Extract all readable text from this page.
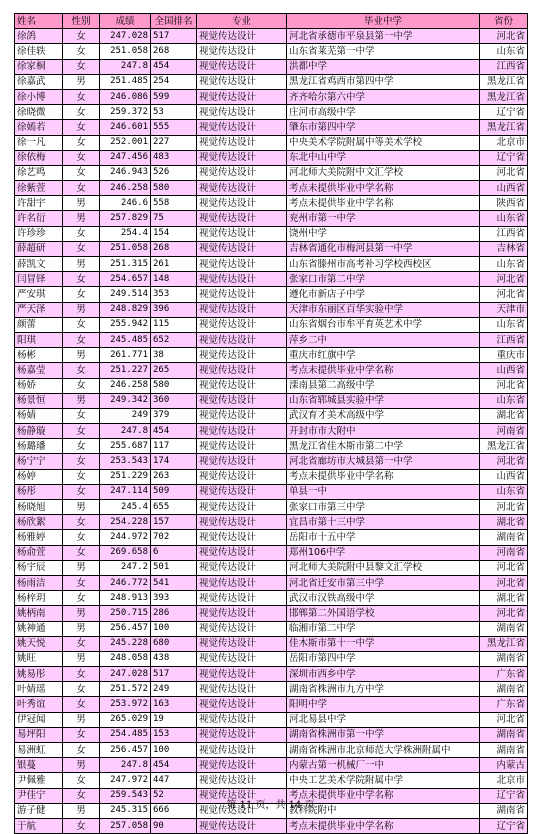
姓名	性别	成绩	全国排名	专业	毕业中学	省份
徐鸽	女	247.028	517	视觉传达设计	河北省承德市平泉县第一中学	河北省
徐佳轶	女	251.058	268	视觉传达设计	山东省莱芜第一中学	山东省
徐家桐	女	247.8	454	视觉传达设计	洪都中学	江西省
徐嘉武	男	251.485	254	视觉传达设计	黑龙江省鸡西市第四中学	黑龙江省
徐小博	女	246.086	599	视觉传达设计	齐齐哈尔第六中学	黑龙江省
徐晓微	女	259.372	53	视觉传达设计	庄河市高级中学	辽宁省
徐嫣若	女	246.601	555	视觉传达设计	肇东市第四中学	黑龙江省
徐一凡	女	252.001	227	视觉传达设计	中央美术学院附属中等美术学校	北京市
徐依梅	女	247.456	483	视觉传达设计	东北中山中学	辽宁省
徐艺鸣	女	246.943	526	视觉传达设计	河北师大美院附中文汇学校	河北省
徐紫萱	女	246.258	580	视觉传达设计	考点未提供毕业中学名称	山西省
许甜宇	男	246.6	558	视觉传达设计	考点未提供毕业中学名称	陕西省
许名衍	男	257.829	75	视觉传达设计	兖州市第一中学	山东省
许珍珍	女	254.4	154	视觉传达设计	饶州中学	江西省
薛超研	女	251.058	268	视觉传达设计	吉林省通化市梅河县第一中学	吉林省
薛凯文	男	251.315	261	视觉传达设计	山东省滕州市高考补习学校西校区	山东省
闫冒铎	女	254.657	148	视觉传达设计	张家口市第二中学	河北省
严安琪	女	249.514	353	视觉传达设计	遵化市新店子中学	河北省
严天泽	男	248.829	396	视觉传达设计	天津市东丽区百华实验中学	天津市
颜蕾	女	255.942	115	视觉传达设计	山东省烟台市牟平育英艺术中学	山东省
阳琪	女	245.485	652	视觉传达设计	萍乡二中	江西省
杨彬	男	261.771	38	视觉传达设计	重庆市红旗中学	重庆市
杨嘉莹	女	251.227	265	视觉传达设计	考点未提供毕业中学名称	山西省
杨娇	女	246.258	580	视觉传达设计	滦南县第二高级中学	河北省
杨景恒	男	249.342	360	视觉传达设计	山东省郓城县实验中学	山东省
杨婧	女	249	379	视觉传达设计	武汉育才美术高级中学	湖北省
杨静璇	女	247.8	454	视觉传达设计	开封市市大附中	河南省
杨璐璠	女	255.687	117	视觉传达设计	黑龙江省佳木斯市第二中学	黑龙江省
杨宁宁	女	253.543	174	视觉传达设计	河北省廊坊市大城县第一中学	河北省
杨婷	女	251.229	263	视觉传达设计	考点未提供毕业中学名称	山西省
杨彤	女	247.114	509	视觉传达设计	单县一中	山东省
杨晓旭	男	245.4	655	视觉传达设计	张家口市第三中学	河北省
杨欣絮	女	254.228	157	视觉传达设计	宜昌市第十三中学	湖北省
杨雅婷	女	244.972	702	视觉传达设计	岳阳市十五中学	湖南省
杨俞萱	女	269.658	6	视觉传达设计	郑州106中学	河南省
杨宇辰	男	247.2	501	视觉传达设计	河北师大美院附中县黎文汇学校	河北省
杨雨洁	女	246.772	541	视觉传达设计	河北省迁安市第三中学	河北省
杨梓玥	女	248.913	393	视觉传达设计	武汉市汉铁高级中学	湖北省
姚柄南	男	250.715	286	视觉传达设计	邯郸第二外国语学校	河北省
姚神通	男	256.457	100	视觉传达设计	临湘市第二中学	湖南省
姚天悦	女	245.228	680	视觉传达设计	佳木斯市第十一中学	黑龙江省
姚旺	男	248.058	438	视觉传达设计	岳阳市第四中学	湖南省
姚易彤	女	247.028	517	视觉传达设计	深圳市西乡中学	广东省
叶婧瑶	女	251.572	249	视觉传达设计	湖南省株洲市九方中学	湖南省
叶秀谊	女	253.972	163	视觉传达设计	阳明中学	广东省
伊冠闻	男	265.029	19	视觉传达设计	河北易县中学	河北省
易坪阳	女	254.485	153	视觉传达设计	湖南省株洲市第一中学	湖南省
易洲虹	女	256.457	100	视觉传达设计	湖南省株洲市北京师范大学株洲附属中	湖南省
银蔓	男	247.8	454	视觉传达设计	内蒙古第一机械厂一中	内蒙古
尹佩雅	女	247.972	447	视觉传达设计	中央工艺美术学院附属中学	北京市
尹佳宁	女	259.543	52	视觉传达设计	考点未提供毕业中学名称	辽宁省
游子健	男	245.315	666	视觉传达设计	教科院附中	湖南省
于航	女	257.058	90	视觉传达设计	考点未提供毕业中学名称	辽宁省
第 11 页，共 14 页
